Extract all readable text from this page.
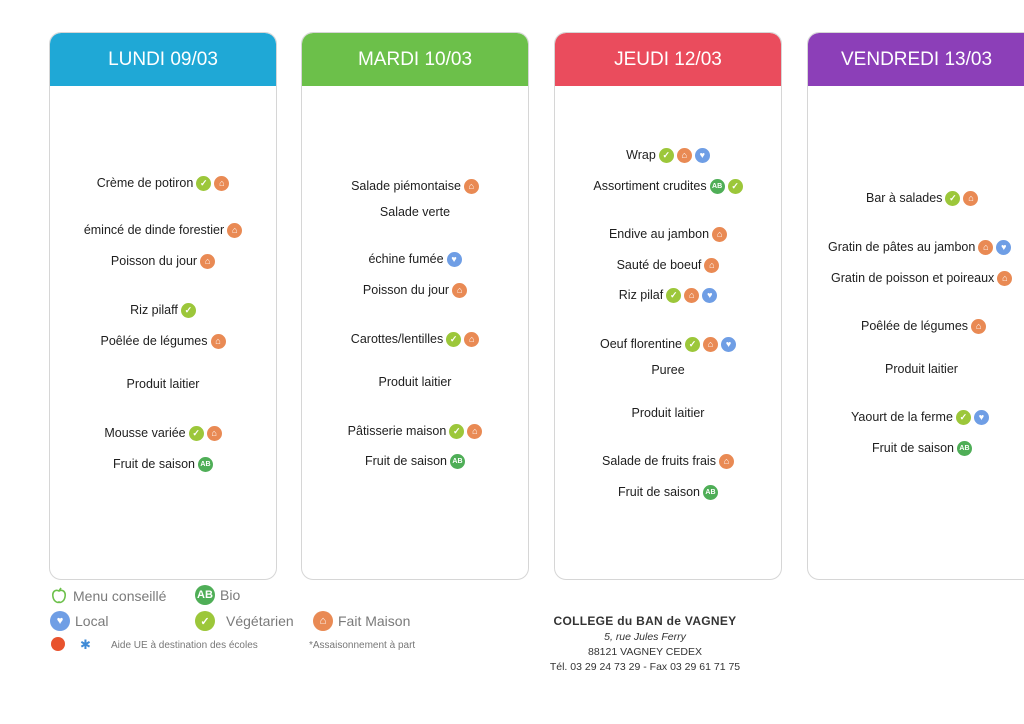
LUNDI 09/03
Crème de potiron ✓	⌂
émincé de dinde forestier ⌂
Poisson du jour ⌂
Riz pilaff ✓
Poêlée de légumes ⌂
Produit laitier
Mousse variée ✓	⌂
Fruit de saison AB
MARDI 10/03
Salade piémontaise ⌂
Salade verte
échine fumée ♥
Poisson du jour ⌂
Carottes/lentilles ✓	⌂
Produit laitier
Pâtisserie maison ✓	⌂
Fruit de saison AB
JEUDI 12/03
Wrap ✓	⌂	♥
Assortiment crudites AB	✓
Endive au jambon ⌂
Sauté de boeuf ⌂
Riz pilaf ✓	⌂	♥
Oeuf florentine ✓	⌂	♥
Puree
Produit laitier
Salade de fruits frais ⌂
Fruit de saison AB
VENDREDI 13/03
Bar à salades ✓	⌂
Gratin de pâtes au jambon ⌂	♥
Gratin de poisson et poireaux ⌂
Poêlée de légumes ⌂
Produit laitier
Yaourt de la ferme ✓	♥
Fruit de saison AB
Menu conseillé	AB Bio
♥ Local	✓	Végétarien	⌂ Fait Maison
✱	Aide UE à destination des écoles	*Assaisonnement à part
COLLEGE du BAN de VAGNEY
5, rue Jules Ferry
88121 VAGNEY CEDEX
Tél. 03 29 24 73 29 - Fax 03 29 61 71 75
